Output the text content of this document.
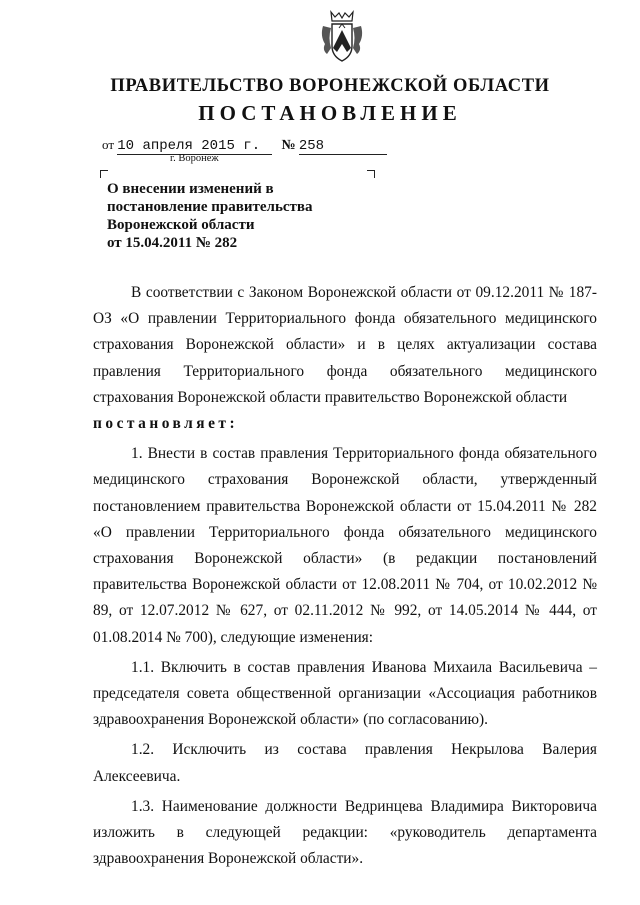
ПРАВИТЕЛЬСТВО ВОРОНЕЖСКОЙ ОБЛАСТИ
ПОСТАНОВЛЕНИЕ
от 10 апреля 2015 г. № 258
г. Воронеж
О внесении изменений в
постановление правительства
Воронежской области
от 15.04.2011 № 282

В соответствии с Законом Воронежской области от 09.12.2011 № 187-ОЗ «О правлении Территориального фонда обязательного медицинского страхования Воронежской области» и в целях актуализации состава правления Территориального фонда обязательного медицинского страхования Воронежской области правительство Воронежской области

постановляет:

1. Внести в состав правления Территориального фонда обязательного медицинского страхования Воронежской области, утвержденный постановлением правительства Воронежской области от 15.04.2011 № 282 «О правлении Территориального фонда обязательного медицинского страхования Воронежской области» (в редакции постановлений правительства Воронежской области от 12.08.2011 № 704, от 10.02.2012 № 89, от 12.07.2012 № 627, от 02.11.2012 № 992, от 14.05.2014 № 444, от 01.08.2014 № 700), следующие изменения:

1.1. Включить в состав правления Иванова Михаила Васильевича – председателя совета общественной организации «Ассоциация работников здравоохранения Воронежской области» (по согласованию).

1.2. Исключить из состава правления Некрылова Валерия Алексеевича.

1.3. Наименование должности Ведринцева Владимира Викторовича изложить в следующей редакции: «руководитель департамента здравоохранения Воронежской области».
